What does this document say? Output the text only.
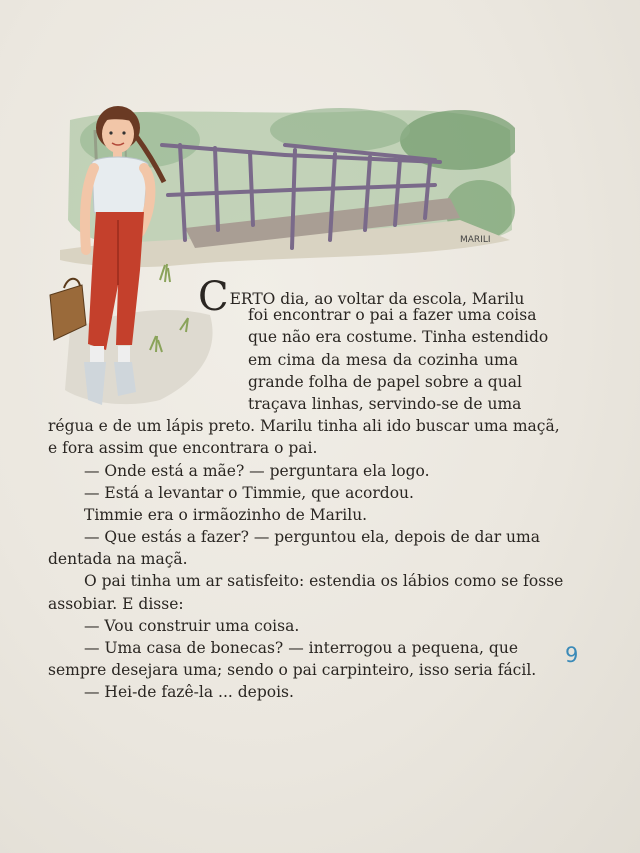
MARILI
CERTO dia, ao voltar da escola, Marilu
foi encontrar o pai a fazer uma coisa
que não era costume. Tinha estendido
em cima da mesa da cozinha uma
grande folha de papel sobre a qual
traçava linhas, servindo-se de uma
régua e de um lápis preto. Marilu tinha ali ido buscar uma maçã,
e fora assim que encontrara o pai.
— Onde está a mãe? — perguntara ela logo.
— Está a levantar o Timmie, que acordou.
Timmie era o irmãozinho de Marilu.
— Que estás a fazer? — perguntou ela, depois de dar uma
dentada na maçã.
O pai tinha um ar satisfeito: estendia os lábios como se fosse
assobiar. E disse:
— Vou construir uma coisa.
— Uma casa de bonecas? — interrogou a pequena, que
sempre desejara uma; sendo o pai carpinteiro, isso seria fácil.
— Hei-de fazê-la ... depois.
9
